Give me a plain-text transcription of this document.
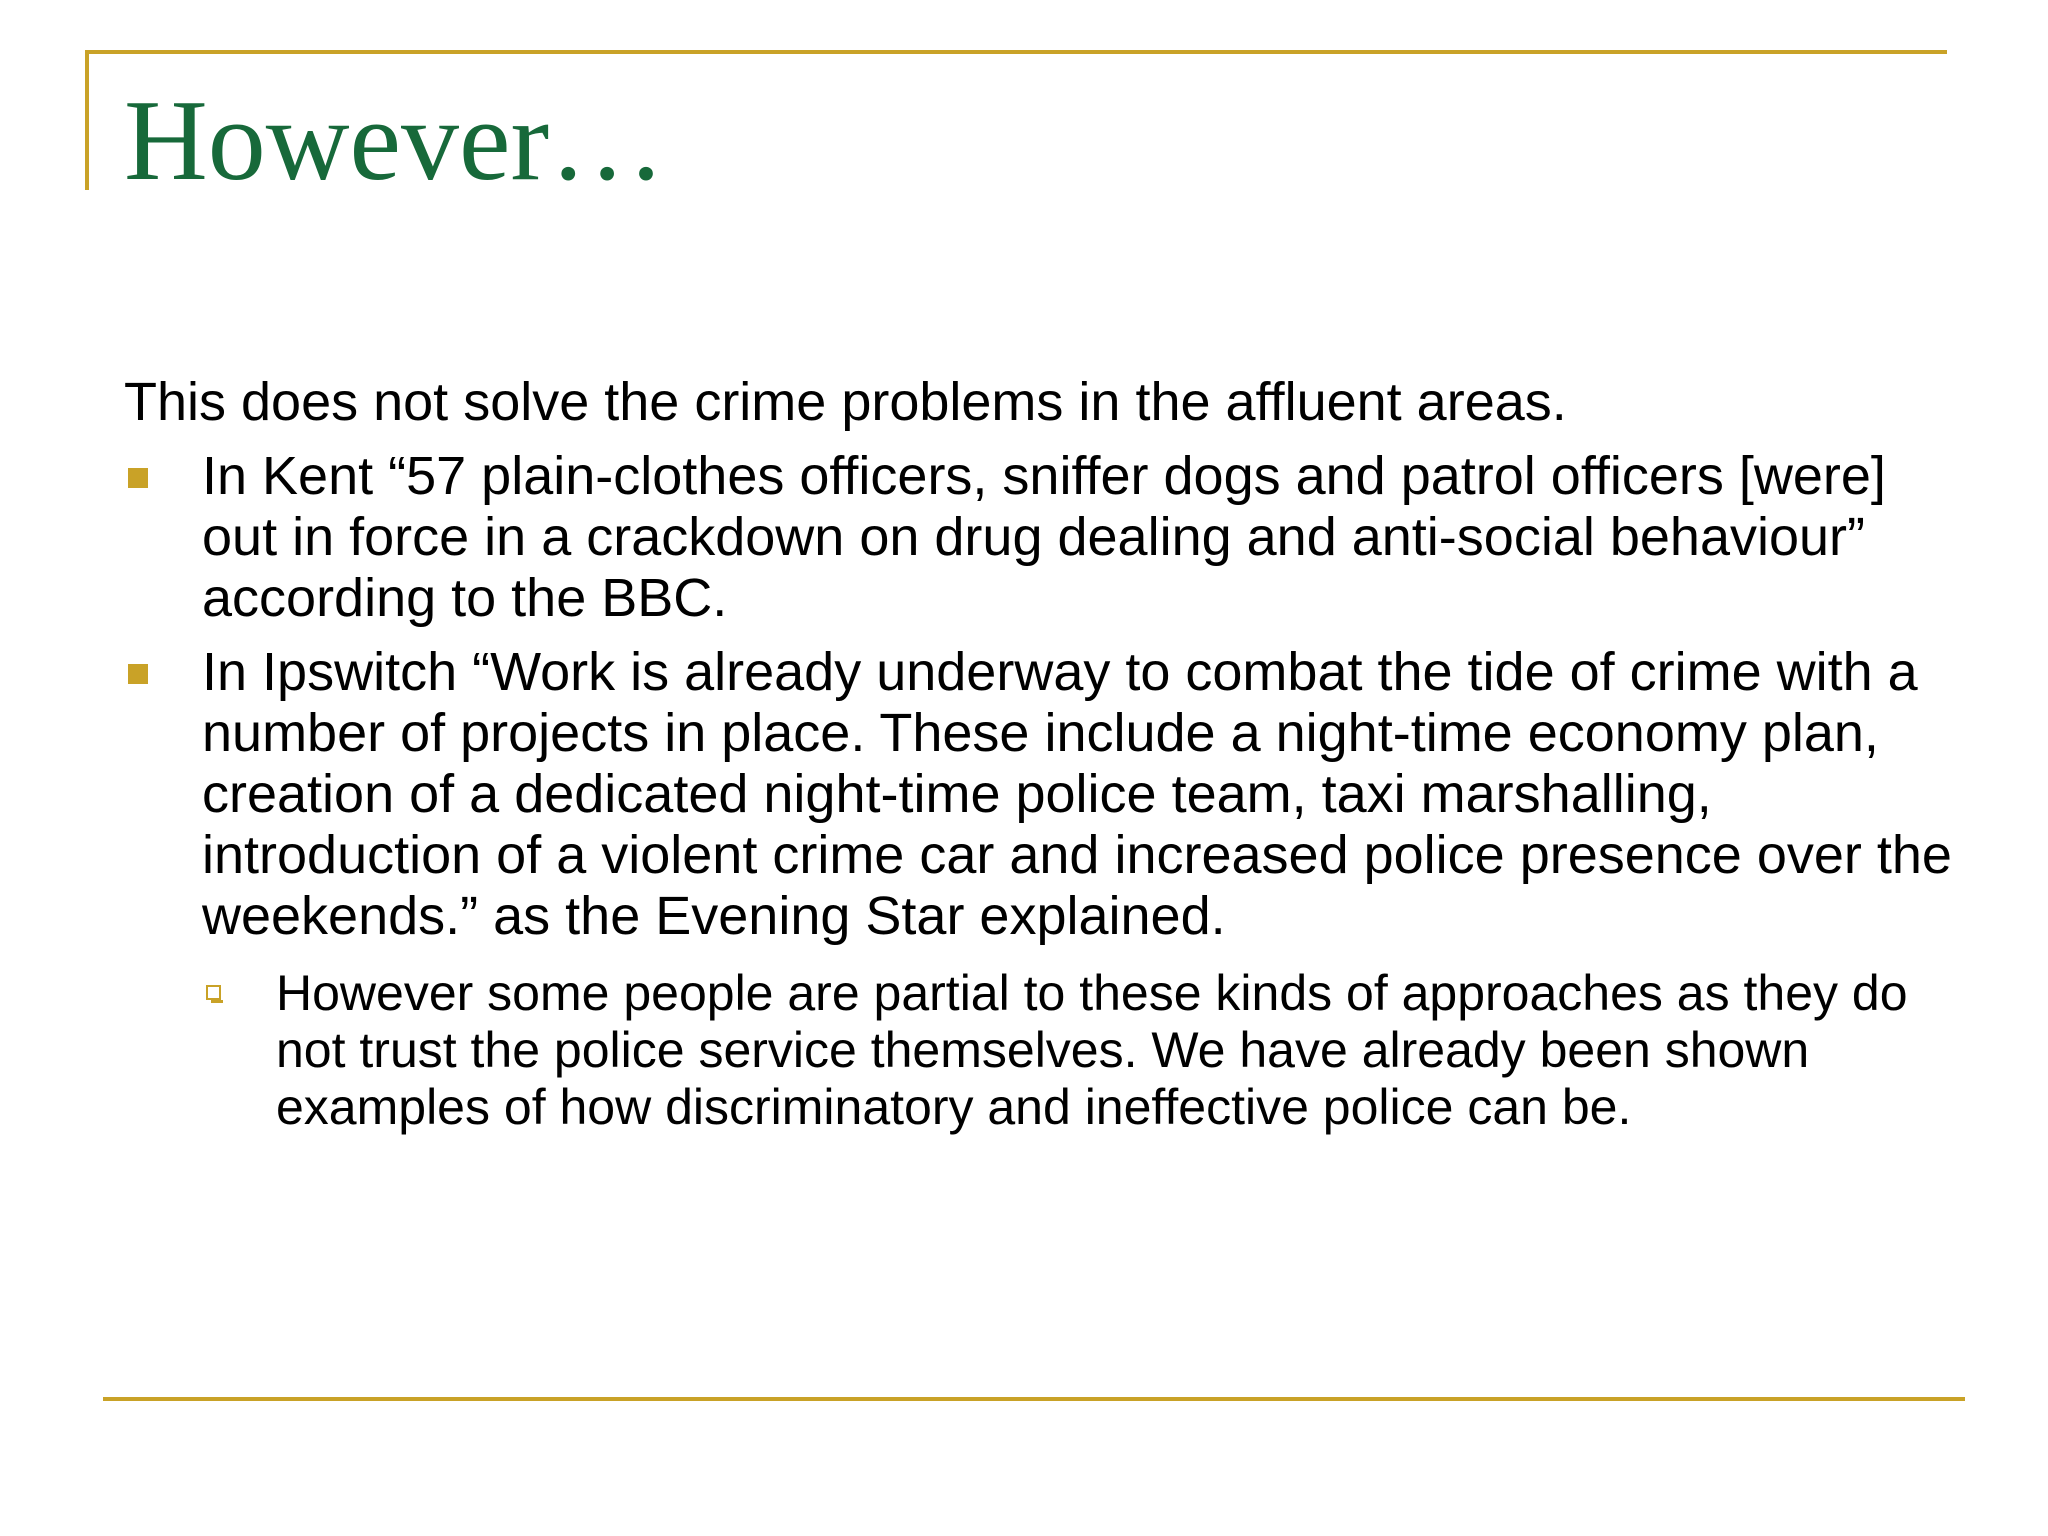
However…

This does not solve the crime problems in the affluent areas.

In Kent “57 plain-clothes officers, sniffer dogs and patrol officers [were] out in force in a crackdown on drug dealing and anti-social behaviour” according to the BBC.
In Ipswitch “Work is already underway to combat the tide of crime with a number of projects in place. These include a night-time economy plan, creation of a dedicated night-time police team, taxi marshalling, introduction of a violent crime car and increased police presence over the weekends.” as the Evening Star explained.
However some people are partial to these kinds of approaches as they do not trust the police service themselves. We have already been shown examples of how discriminatory and ineffective police can be.
